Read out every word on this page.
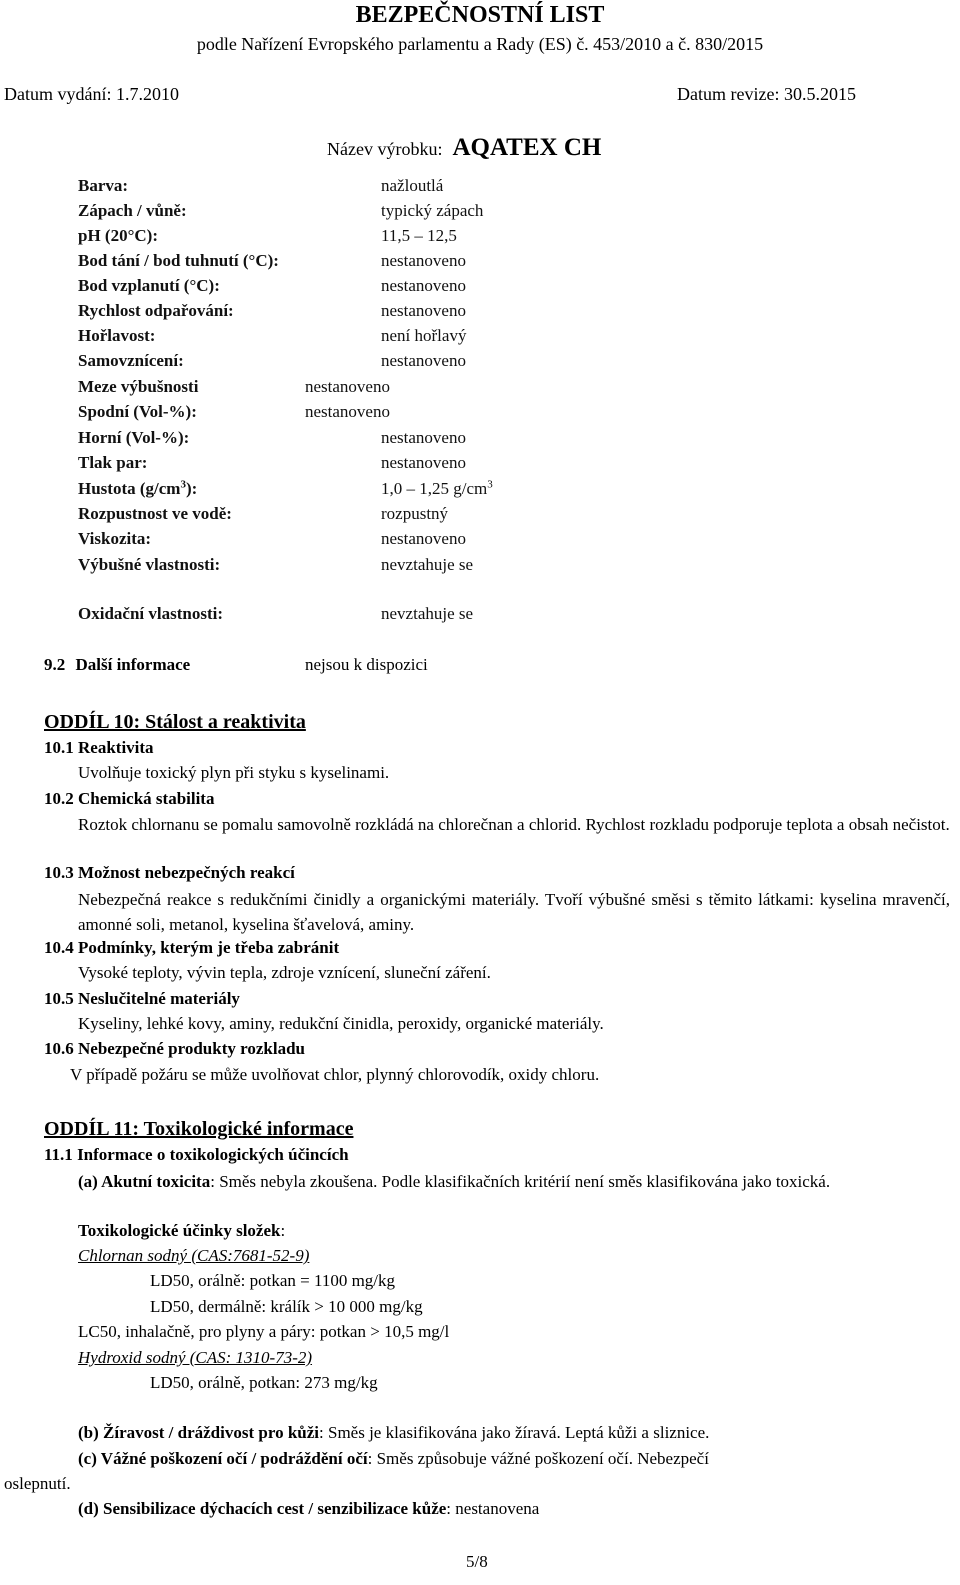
BEZPEČNOSTNÍ LIST
podle Nařízení Evropského parlamentu a Rady (ES) č. 453/2010 a č. 830/2015
Datum vydání: 1.7.2010	Datum revize: 30.5.2015
Název výrobku: AQATEX CH
Barva:	nažloutlá
Zápach / vůně:	typický zápach
pH (20°C):	11,5 – 12,5
Bod tání / bod tuhnutí (°C):	nestanoveno
Bod vzplanutí (°C):	nestanoveno
Rychlost odpařování:	nestanoveno
Hořlavost:	není hořlavý
Samovznícení:	nestanoveno
Meze výbušnosti	nestanoveno
Spodní (Vol-%):	nestanoveno
Horní (Vol-%):	nestanoveno
Tlak par:	nestanoveno
Hustota $(g/cm^3)$:	1,0 – 1,25 $g/cm^3$
Rozpustnost ve vodě:	rozpustný
Viskozita:	nestanoveno
Výbušné vlastnosti:	nevztahuje se
Oxidační vlastnosti:	nevztahuje se
9.2 Další informace	nejsou k dispozici
ODDÍL 10: Stálost a reaktivita
10.1 Reaktivita
Uvolňuje toxický plyn při styku s kyselinami.
10.2 Chemická stabilita
Roztok chlornanu se pomalu samovolně rozkládá na chlorečnan a chlorid. Rychlost rozkladu podporuje teplota a obsah nečistot.
10.3 Možnost nebezpečných reakcí
Nebezpečná reakce s redukčními činidly a organickými materiály. Tvoří výbušné směsi s těmito látkami: kyselina mravenčí, amonné soli, metanol, kyselina šťavelová, aminy.
10.4 Podmínky, kterým je třeba zabránit
Vysoké teploty, vývin tepla, zdroje vznícení, sluneční záření.
10.5 Neslučitelné materiály
Kyseliny, lehké kovy, aminy, redukční činidla, peroxidy, organické materiály.
10.6 Nebezpečné produkty rozkladu
V případě požáru se může uvolňovat chlor, plynný chlorovodík, oxidy chloru.
ODDÍL 11: Toxikologické informace
11.1 Informace o toxikologických účincích
(a) Akutní toxicita: Směs nebyla zkoušena. Podle klasifikačních kritérií není směs klasifikována jako toxická.
Toxikologické účinky složek:
Chlornan sodný (CAS:7681-52-9)
LD50, orálně: potkan = 1100 mg/kg
LD50, dermálně: králík > 10 000 mg/kg
LC50, inhalačně, pro plyny a páry: potkan > 10,5 mg/l
Hydroxid sodný (CAS: 1310-73-2)
LD50, orálně, potkan: 273 mg/kg
(b) Žíravost / dráždivost pro kůži: Směs je klasifikována jako žíravá. Leptá kůži a sliznice.
(c) Vážné poškození očí / podráždění očí: Směs způsobuje vážné poškození očí. Nebezpečí
oslepnutí.
(d) Sensibilizace dýchacích cest / senzibilizace kůže: nestanovena
5/8
